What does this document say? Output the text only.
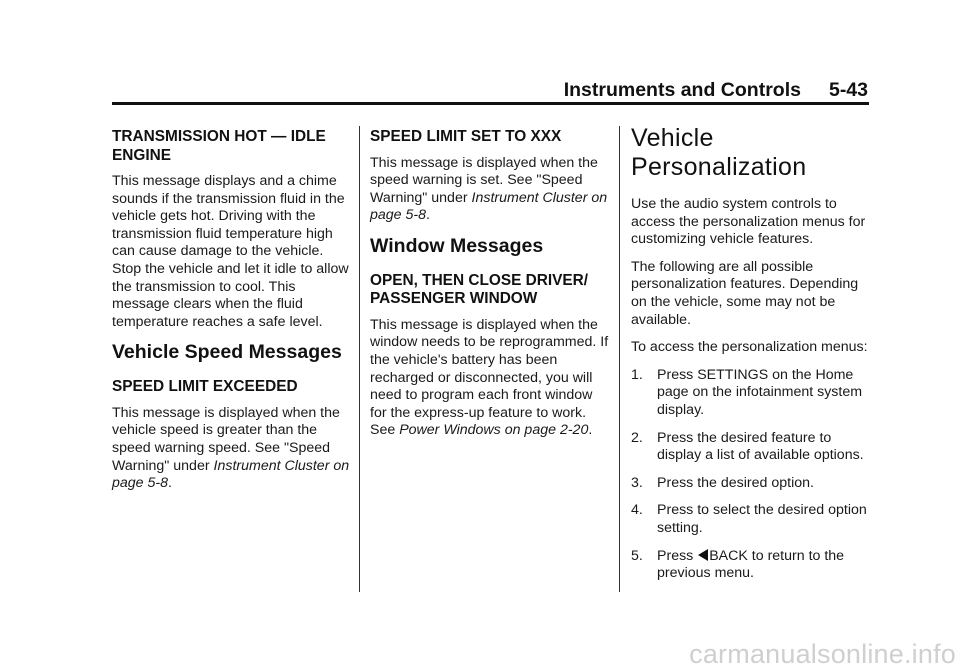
Instruments and Controls 5-43
TRANSMISSION HOT — IDLE ENGINE

This message displays and a chime sounds if the transmission fluid in the vehicle gets hot. Driving with the transmission fluid temperature high can cause damage to the vehicle. Stop the vehicle and let it idle to allow the transmission to cool. This message clears when the fluid temperature reaches a safe level.

Vehicle Speed Messages
SPEED LIMIT EXCEEDED

This message is displayed when the vehicle speed is greater than the speed warning speed. See "Speed Warning" under Instrument Cluster on page 5-8.

SPEED LIMIT SET TO XXX

This message is displayed when the speed warning is set. See "Speed Warning" under Instrument Cluster on page 5-8.

Window Messages
OPEN, THEN CLOSE DRIVER/ PASSENGER WINDOW

This message is displayed when the window needs to be reprogrammed. If the vehicle's battery has been recharged or disconnected, you will need to program each front window for the express-up feature to work. See Power Windows on page 2-20.

Vehicle Personalization

Use the audio system controls to access the personalization menus for customizing vehicle features.

The following are all possible personalization features. Depending on the vehicle, some may not be available.

To access the personalization menus:

1. Press SETTINGS on the Home page on the infotainment system display.
2. Press the desired feature to display a list of available options.
3. Press the desired option.
4. Press to select the desired option setting.
5. Press BACK to return to the previous menu.
carmanualsonline.info
